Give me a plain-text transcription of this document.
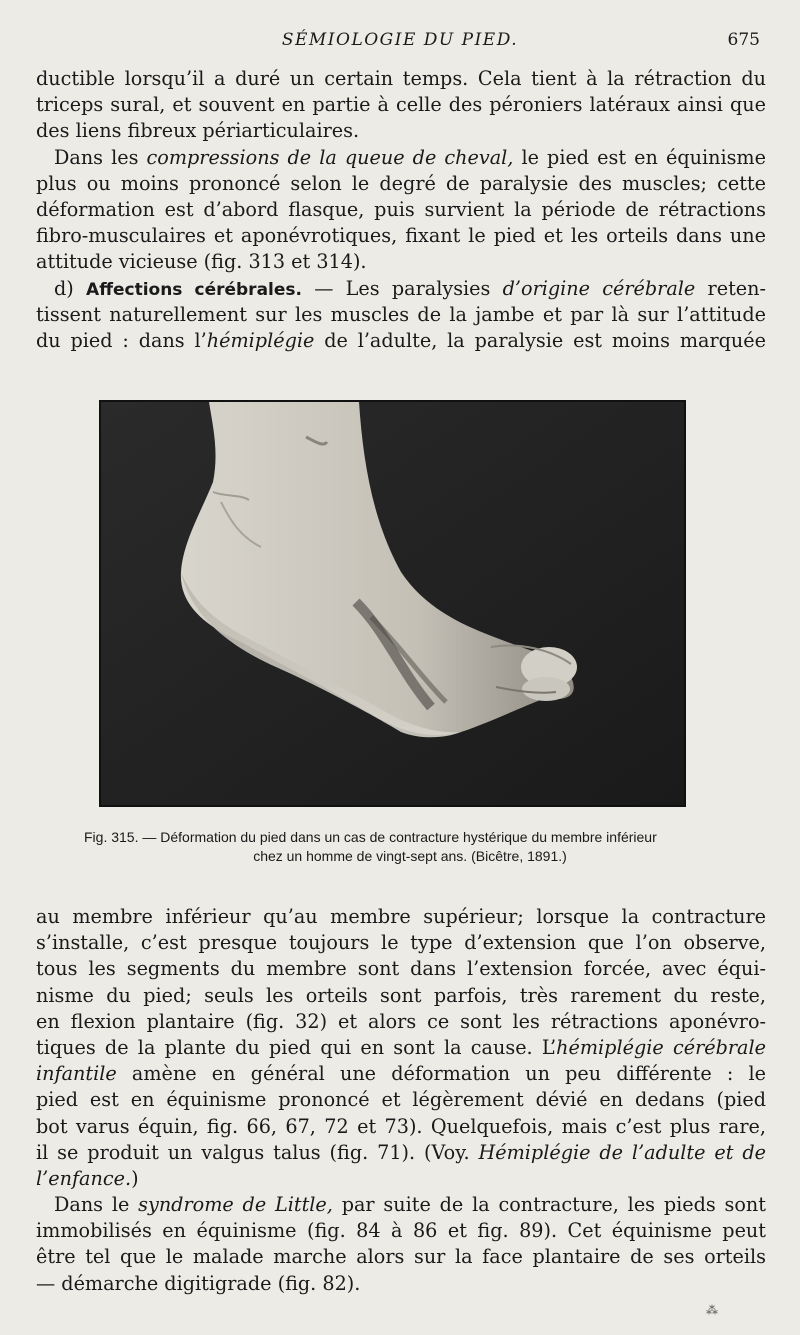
SÉMIOLOGIE DU PIED.	675
ductible lorsqu’il a duré un certain temps. Cela tient à la rétraction du
triceps sural, et souvent en partie à celle des péroniers latéraux ainsi que
des liens fibreux périarticulaires.
Dans les compressions de la queue de cheval, le pied est en équinisme
plus ou moins prononcé selon le degré de paralysie des muscles; cette
déformation est d’abord flasque, puis survient la période de rétractions
fibro-musculaires et aponévrotiques, fixant le pied et les orteils dans une
attitude vicieuse (fig. 313 et 314).
d) Affections cérébrales. — Les paralysies d’origine cérébrale reten-
tissent naturellement sur les muscles de la jambe et par là sur l’attitude
du pied : dans l’hémiplégie de l’adulte, la paralysie est moins marquée
Fig. 315. — Déformation du pied dans un cas de contracture hystérique du membre inférieur
chez un homme de vingt-sept ans. (Bicêtre, 1891.)
au membre inférieur qu’au membre supérieur; lorsque la contracture
s’installe, c’est presque toujours le type d’extension que l’on observe,
tous les segments du membre sont dans l’extension forcée, avec équi-
nisme du pied; seuls les orteils sont parfois, très rarement du reste,
en flexion plantaire (fig. 32) et alors ce sont les rétractions aponévro-
tiques de la plante du pied qui en sont la cause. L’hémiplégie cérébrale
infantile amène en général une déformation un peu différente : le
pied est en équinisme prononcé et légèrement dévié en dedans (pied
bot varus équin, fig. 66, 67, 72 et 73). Quelquefois, mais c’est plus rare,
il se produit un valgus talus (fig. 71). (Voy. Hémiplégie de l’adulte et de
l’enfance.)
Dans le syndrome de Little, par suite de la contracture, les pieds sont
immobilisés en équinisme (fig. 84 à 86 et fig. 89). Cet équinisme peut
être tel que le malade marche alors sur la face plantaire de ses orteils
— démarche digitigrade (fig. 82).
⁂
